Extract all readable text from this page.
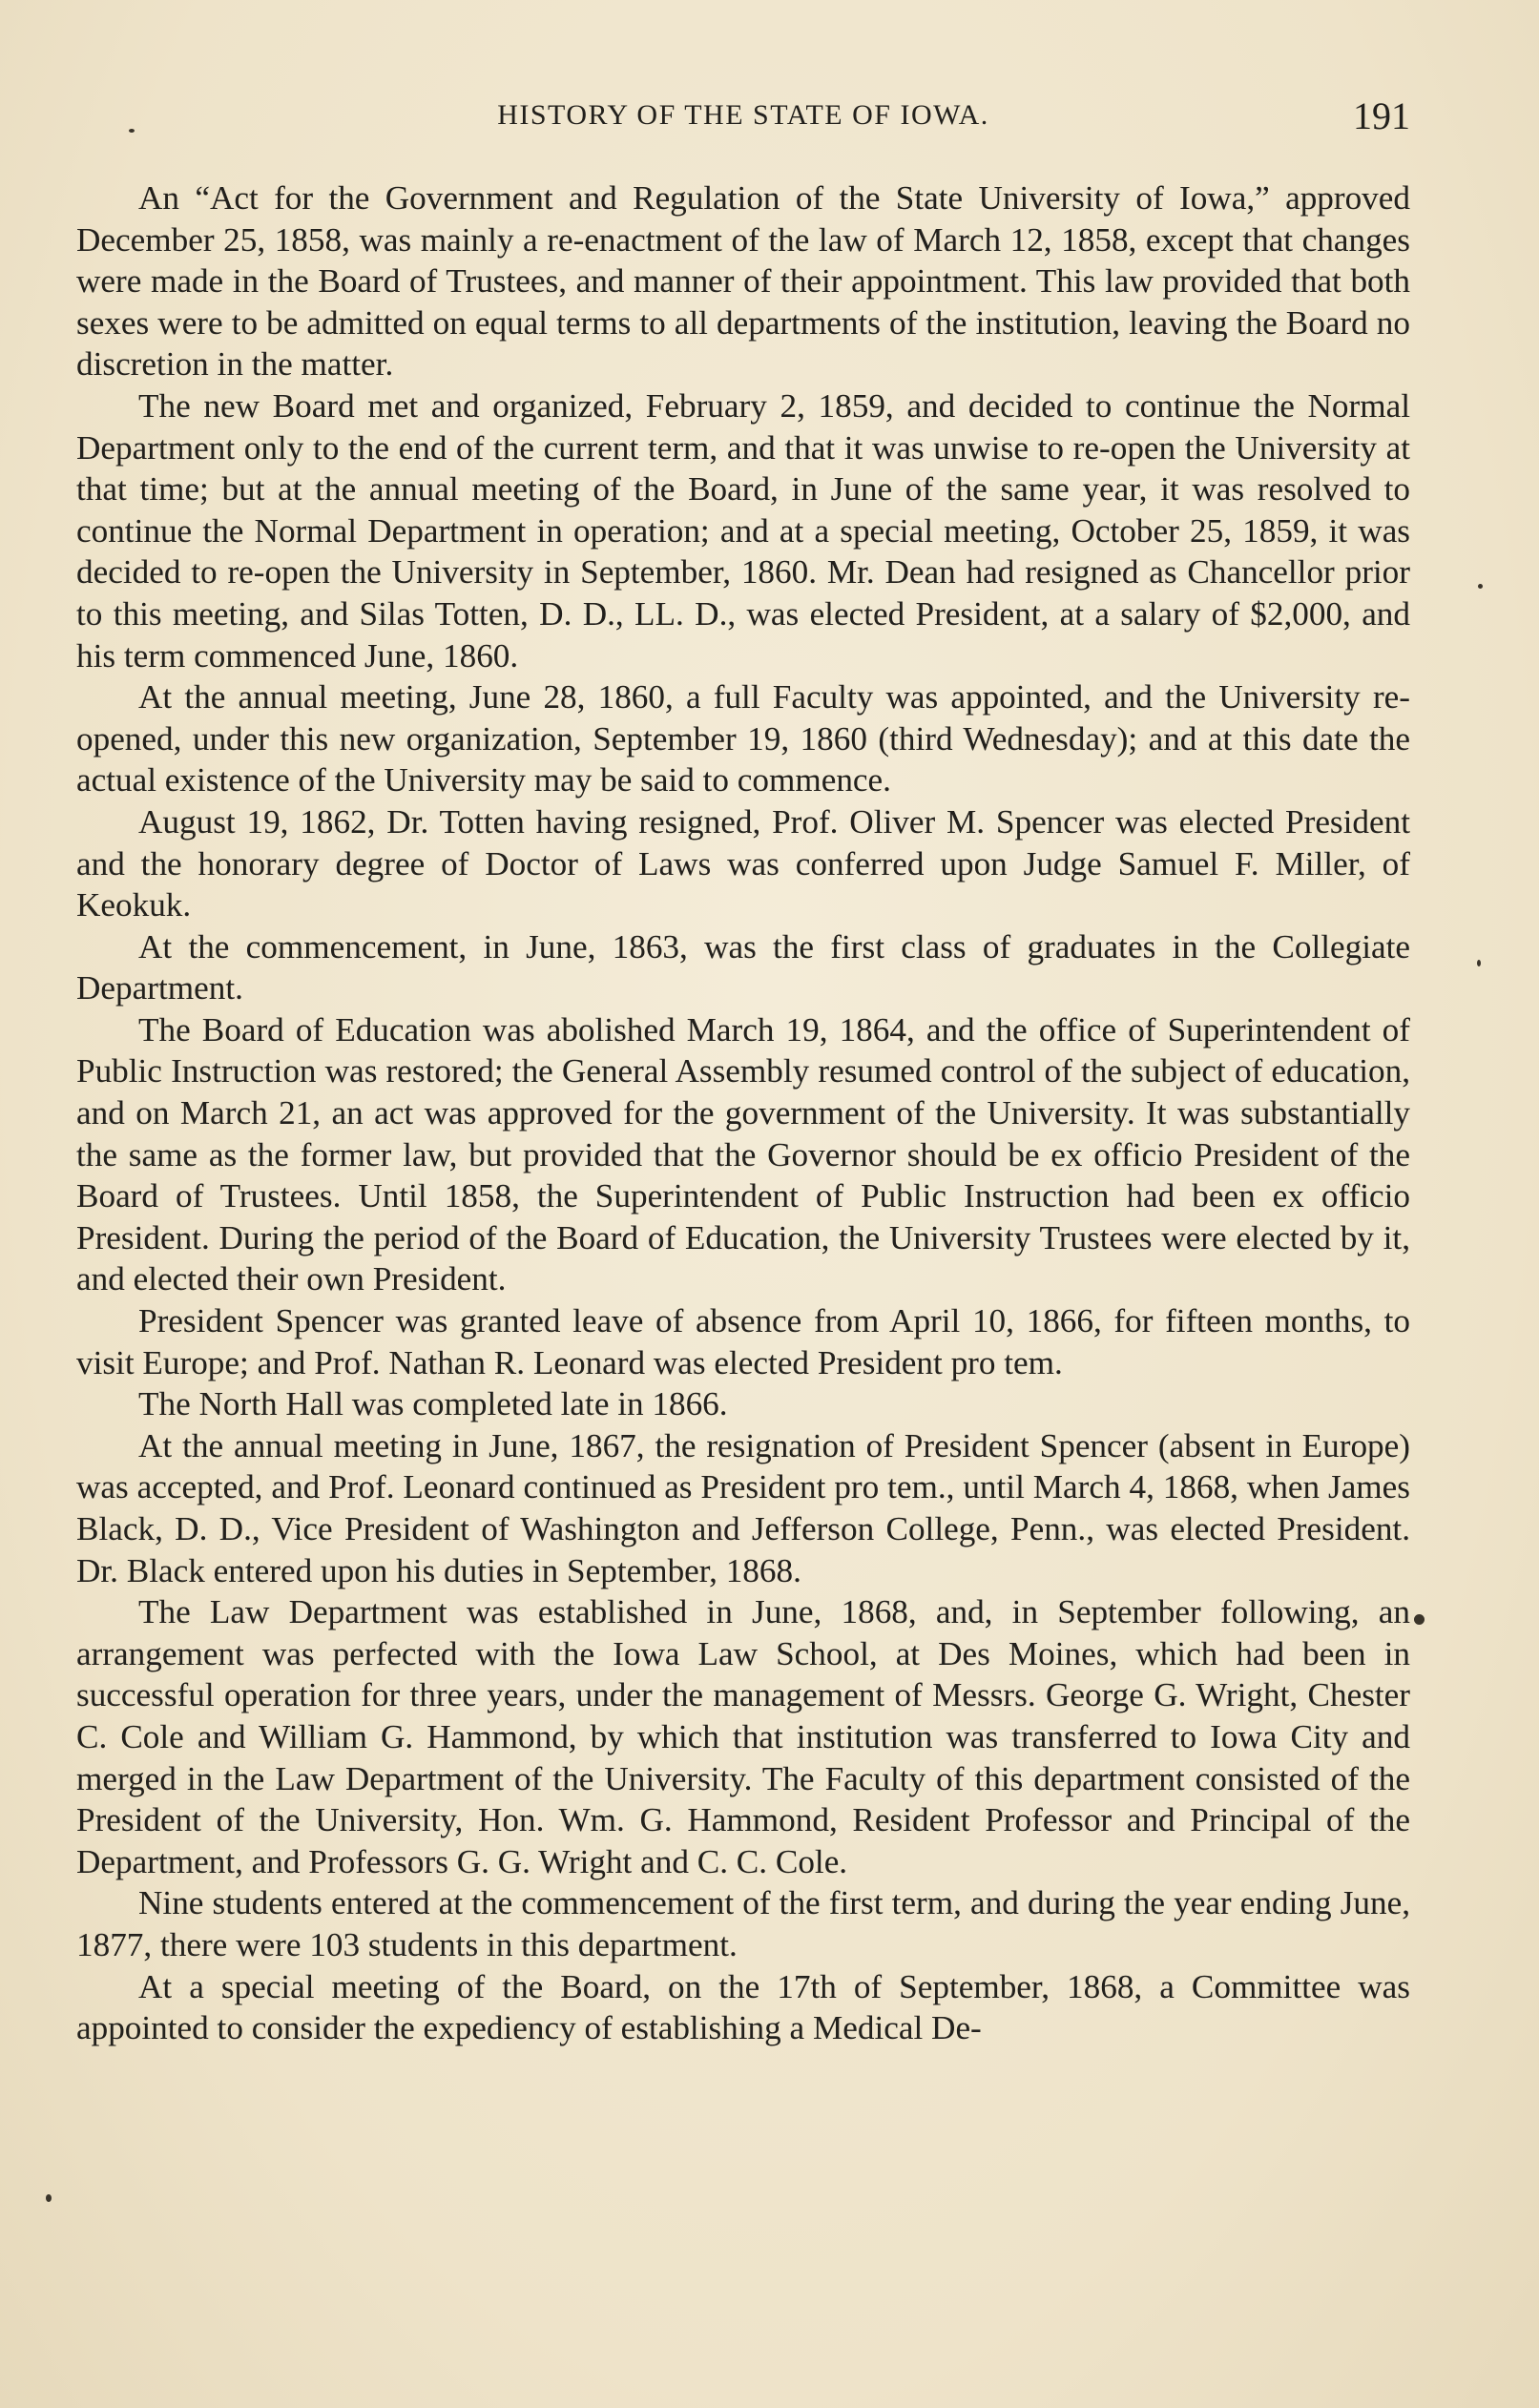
HISTORY OF THE STATE OF IOWA.	191

An “Act for the Government and Regulation of the State University of Iowa,” approved December 25, 1858, was mainly a re-enactment of the law of March 12, 1858, except that changes were made in the Board of Trustees, and manner of their appointment. This law provided that both sexes were to be admitted on equal terms to all departments of the institution, leaving the Board no discretion in the matter.

The new Board met and organized, February 2, 1859, and decided to continue the Normal Department only to the end of the current term, and that it was unwise to re-open the University at that time; but at the annual meeting of the Board, in June of the same year, it was resolved to continue the Normal Department in operation; and at a special meeting, October 25, 1859, it was decided to re-open the University in September, 1860. Mr. Dean had resigned as Chancellor prior to this meeting, and Silas Totten, D. D., LL. D., was elected President, at a salary of $2,000, and his term commenced June, 1860.

At the annual meeting, June 28, 1860, a full Faculty was appointed, and the University re-opened, under this new organization, September 19, 1860 (third Wednesday); and at this date the actual existence of the University may be said to commence.

August 19, 1862, Dr. Totten having resigned, Prof. Oliver M. Spencer was elected President and the honorary degree of Doctor of Laws was conferred upon Judge Samuel F. Miller, of Keokuk.

At the commencement, in June, 1863, was the first class of graduates in the Collegiate Department.

The Board of Education was abolished March 19, 1864, and the office of Superintendent of Public Instruction was restored; the General Assembly resumed control of the subject of education, and on March 21, an act was approved for the government of the University. It was substantially the same as the former law, but provided that the Governor should be ex officio President of the Board of Trustees. Until 1858, the Superintendent of Public Instruction had been ex officio President. During the period of the Board of Education, the University Trustees were elected by it, and elected their own President.

President Spencer was granted leave of absence from April 10, 1866, for fifteen months, to visit Europe; and Prof. Nathan R. Leonard was elected President pro tem.

The North Hall was completed late in 1866.

At the annual meeting in June, 1867, the resignation of President Spencer (absent in Europe) was accepted, and Prof. Leonard continued as President pro tem., until March 4, 1868, when James Black, D. D., Vice President of Washington and Jefferson College, Penn., was elected President. Dr. Black entered upon his duties in September, 1868.

The Law Department was established in June, 1868, and, in September following, an arrangement was perfected with the Iowa Law School, at Des Moines, which had been in successful operation for three years, under the management of Messrs. George G. Wright, Chester C. Cole and William G. Hammond, by which that institution was transferred to Iowa City and merged in the Law Department of the University. The Faculty of this department consisted of the President of the University, Hon. Wm. G. Hammond, Resident Professor and Principal of the Department, and Professors G. G. Wright and C. C. Cole.

Nine students entered at the commencement of the first term, and during the year ending June, 1877, there were 103 students in this department.

At a special meeting of the Board, on the 17th of September, 1868, a Committee was appointed to consider the expediency of establishing a Medical De-
